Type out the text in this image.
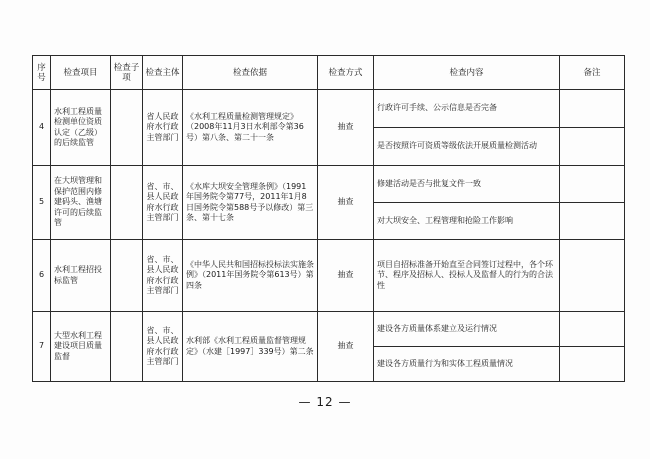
序号	检查项目	检查子项	检查主体	检查依据	检查方式	检查内容	备注
4	水利工程质量检测单位资质认定（乙级）的后续监管		省人民政府水行政主管部门	《水利工程质量检测管理规定》（2008年11月3日水利部令第36号）第八条、第二十一条	抽查	行政许可手续、公示信息是否完备	
						是否按照许可资质等级依法开展质量检测活动	
5	在大坝管理和保护范围内修建码头、渔塘许可的后续监管		省、市、县人民政府水行政主管部门	《水库大坝安全管理条例》（1991年国务院令第77号，2011年1月8日国务院令第588号予以修改）第三条、第十七条	抽查	修建活动是否与批复文件一致	
						对大坝安全、工程管理和抢险工作影响	
6	水利工程招投标监管		省、市、县人民政府水行政主管部门	《中华人民共和国招标投标法实施条例》（2011年国务院令第613号）第四条	抽查	项目自招标准备开始直至合同签订过程中，各个环节、程序及招标人、投标人及监督人的行为的合法性	
7	大型水利工程建设项目质量监督		省、市、县人民政府水行政主管部门	水利部《水利工程质量监督管理规定》（水建［1997］339号）第二条	抽查	建设各方质量体系建立及运行情况	
						建设各方质量行为和实体工程质量情况	
— 12 —
